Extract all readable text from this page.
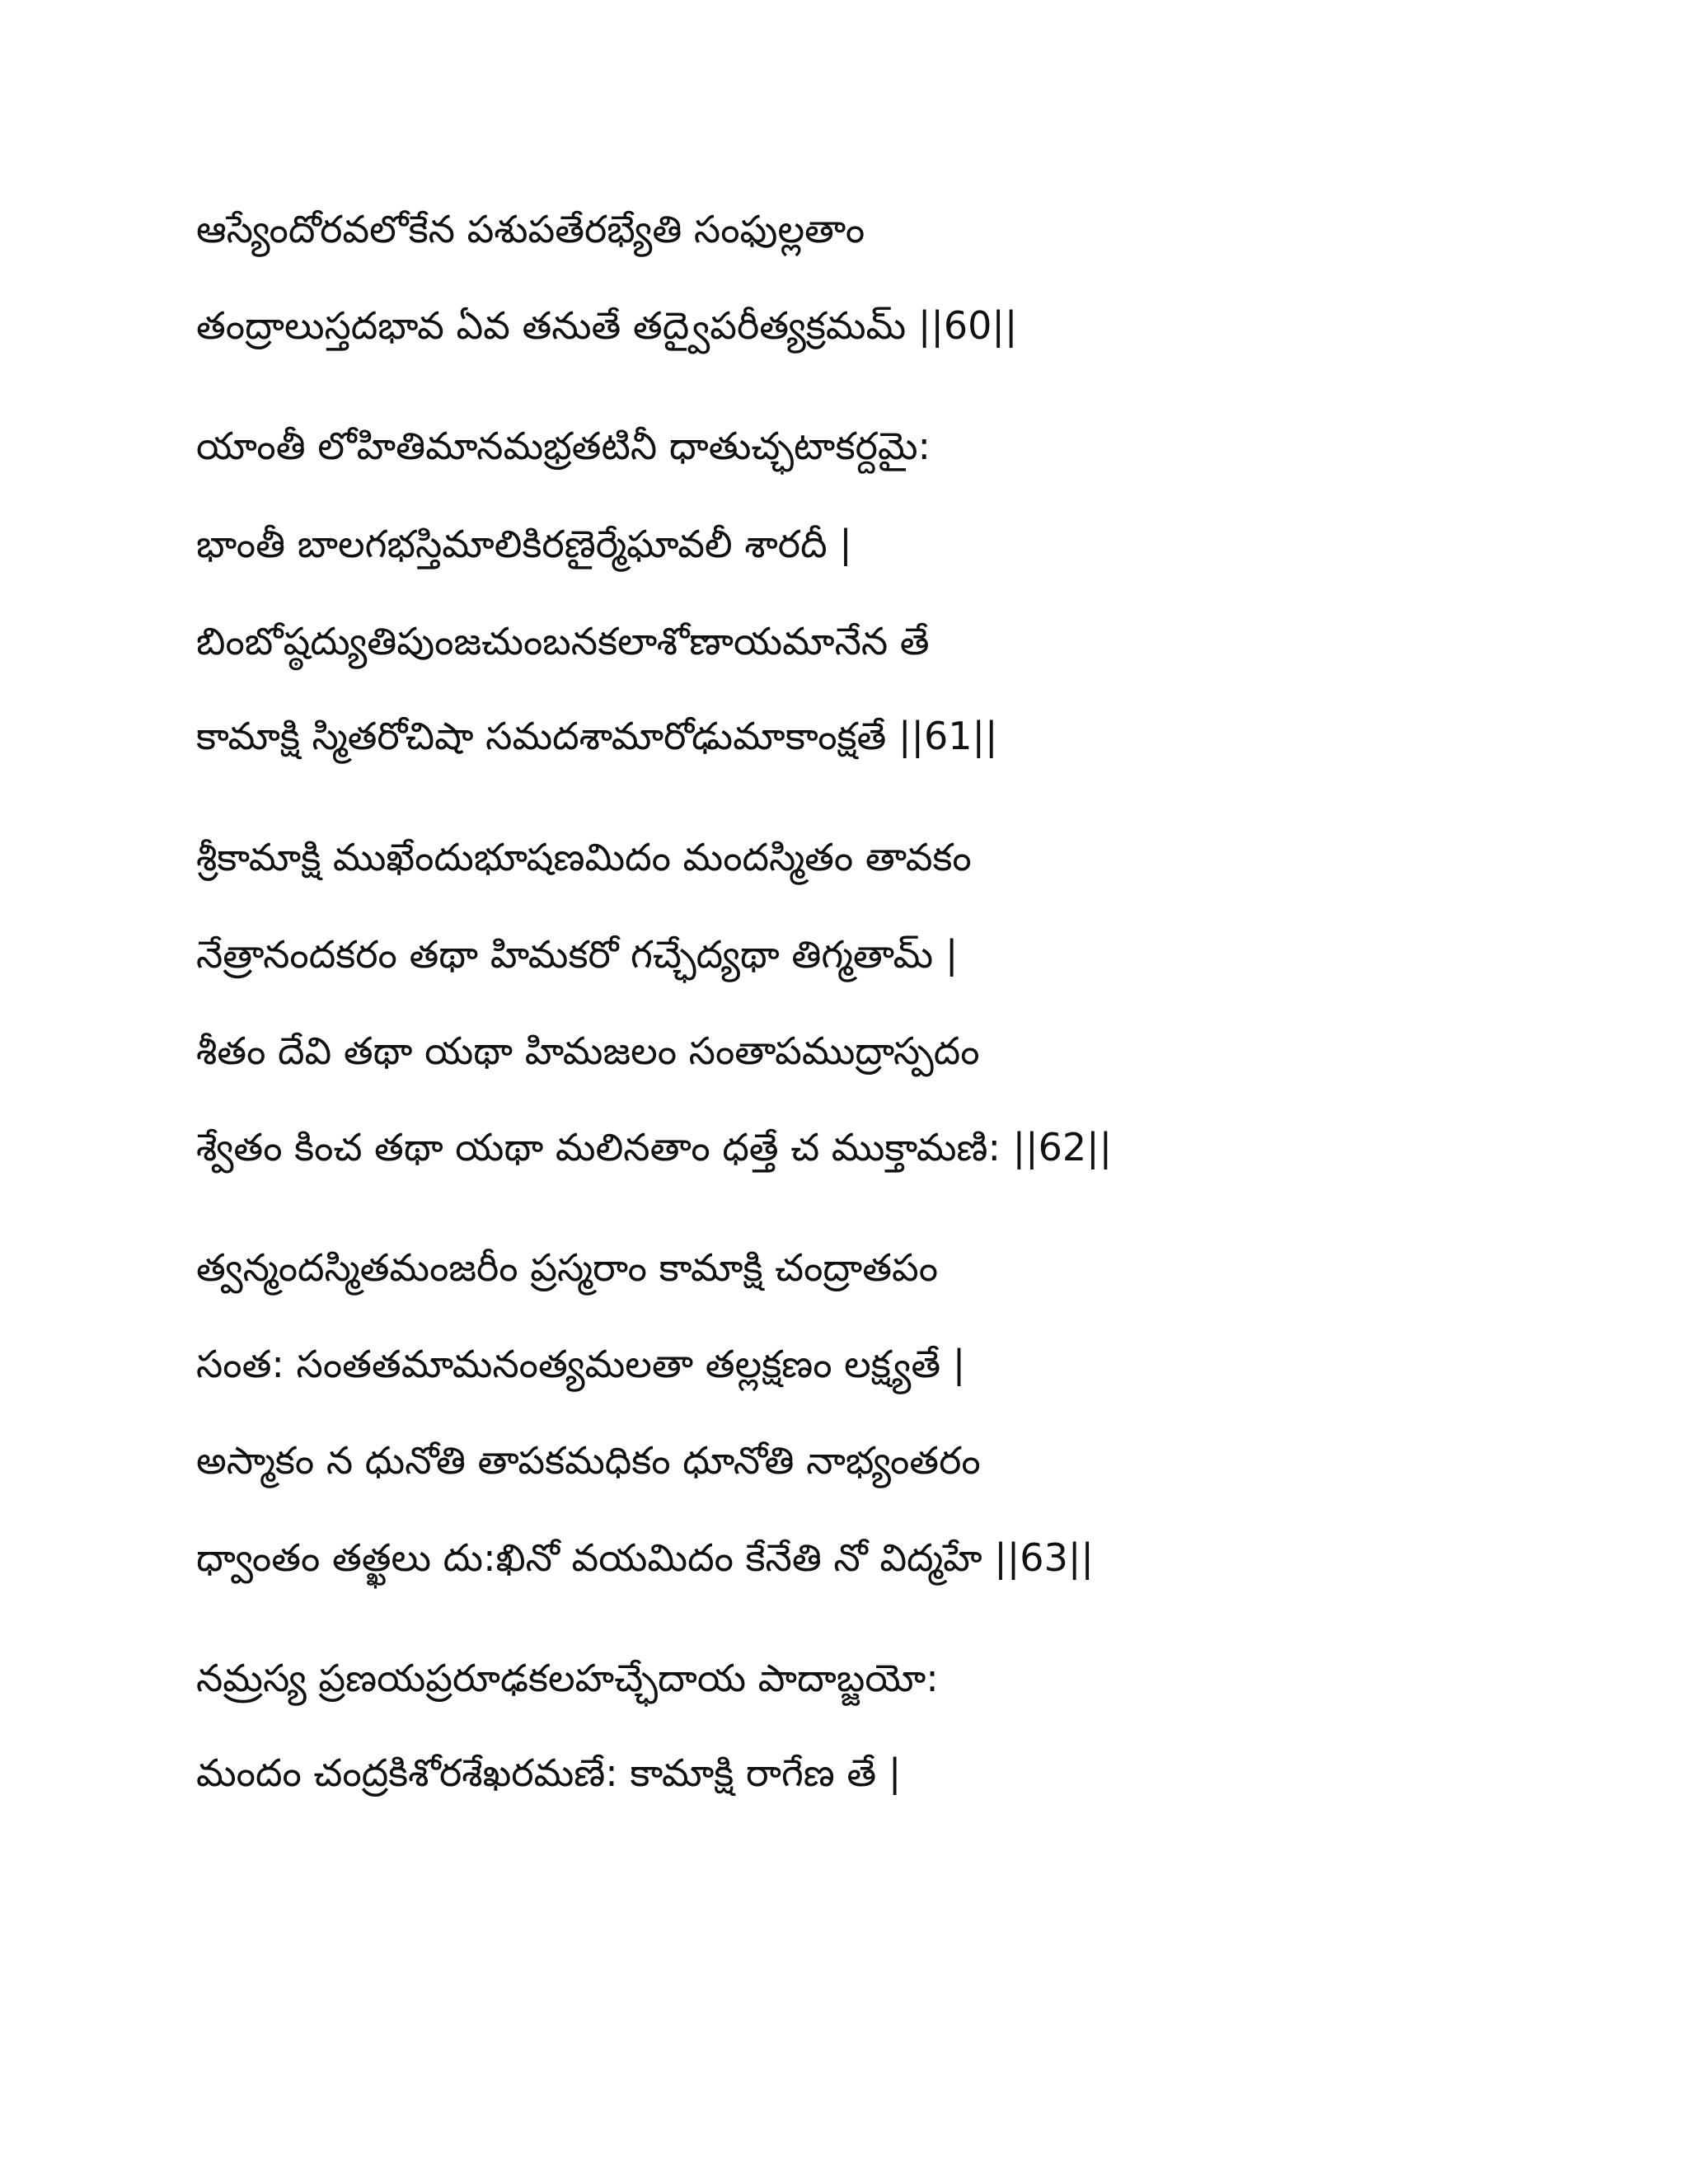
ఆస్యేందోరవలోకేన పశుపతేరభ్యేతి సంఫుల్లతాం
తంద్రాలుస్తదభావ ఏవ తనుతే తద్వైపరీత్యక్రమమ్ ||60||
యాంతీ లోహితిమానమభ్రతటినీ ధాతుచ్ఛటాకర్దమై:
భాంతీ బాలగభస్తిమాలికిరణైర్మేఘావలీ శారదీ |
బింబోష్ఠద్యుతిపుంజచుంబనకలాశోణాయమానేన తే
కామాక్షి స్మితరోచిషా సమదశామారోఢుమాకాంక్షతే ||61||
శ్రీకామాక్షి ముఖేందుభూషణమిదం మందస్మితం తావకం
నేత్రానందకరం తథా హిమకరో గచ్ఛేద్యథా తిగ్మతామ్ |
శీతం దేవి తథా యథా హిమజలం సంతాపముద్రాస్పదం
శ్వేతం కించ తథా యథా మలినతాం ధత్తే చ ముక్తామణి: ||62||
త్వన్మందస్మితమంజరీం ప్రస్మరాం కామాక్షి చంద్రాతపం
సంత: సంతతమామనంత్యమలతా తల్లక్షణం లక్ష్యతే |
అస్మాకం న ధునోతి తాపకమధికం ధూనోతి నాభ్యంతరం
ధ్వాంతం తత్ఖలు దు:ఖినో వయమిదం కేనేతి నో విద్మహే ||63||
నమ్రస్య ప్రణయప్రరూఢకలహచ్ఛేదాయ పాదాబ్జయో:
మందం చంద్రకిశోరశేఖరమణే: కామాక్షి రాగేణ తే |
